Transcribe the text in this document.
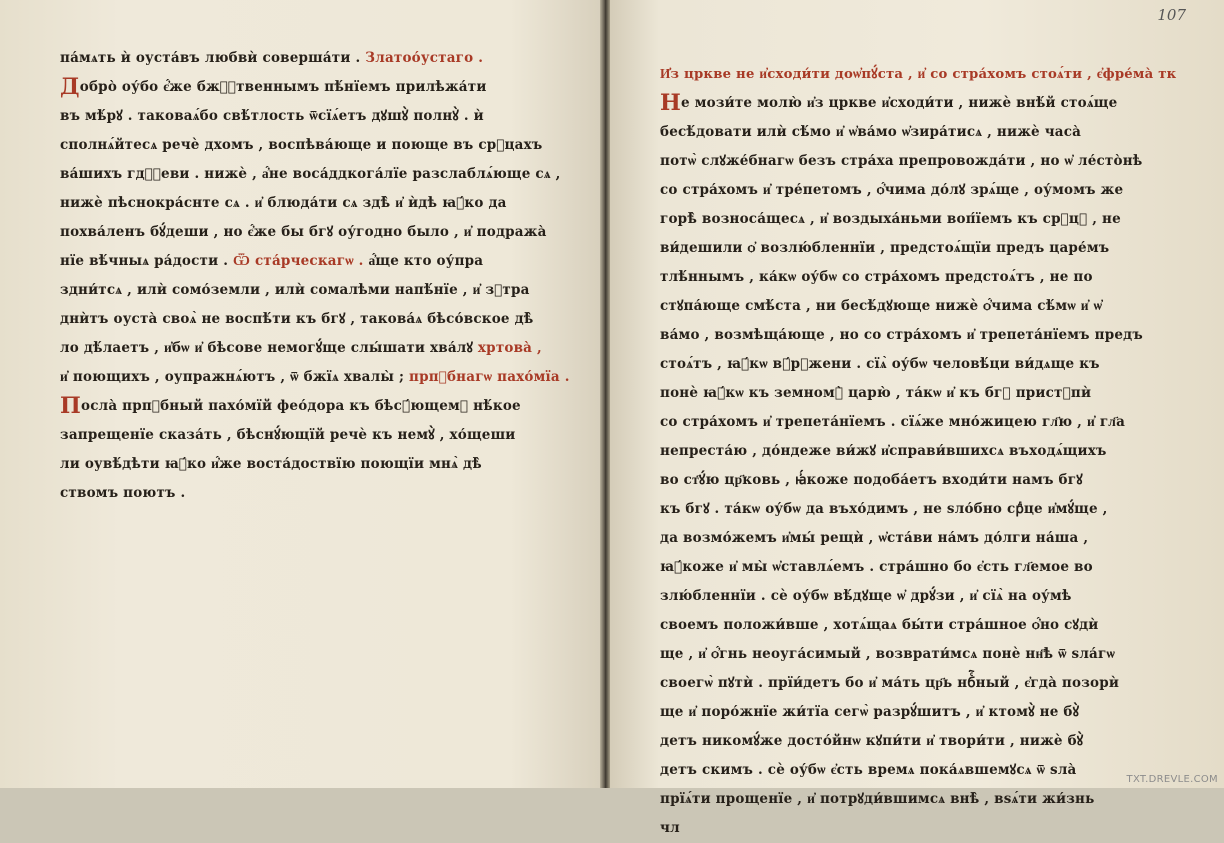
па́мѧть ѝ оуста́въ любвѝ соверша́ти . Златоо́устаго .
Добро̀ оу́бо є҆́же бжⷭ҇твеннымъ пѣ́нїемъ прилѣжа́ти
въ мѣ́рꙋ . таковаѧ́бо свѣ́тлость ѿсїѧ́етъ дꙋшꙋ̀ полнꙋ̀ . ѝ
сполнѧ́йтесѧ речѐ дхомъ , воспѣва́юще и поюще въ срⷣцахъ
ва́шихъ гдⷭ҇еви . нижѐ , а҆́не воса́ддкога́лїе разслаблѧ́юще сѧ ,
нижѐ пѣснокра́снте сѧ . и҆ блюда́ти сѧ здѣ̀ и҆ ѝдѣ ꙗ҆́ко да
похва́ленъ бꙋ́деши , но є҆́же бы бгꙋ оу́годно было , и҆ подража̀
нїе вѣ́чныѧ ра́дости . Ѿ ста́рческагѡ . а҆́ще кто оу́пра
здни́тсѧ , илѝ сомо́земли , илѝ сомалѣми напѣ́нїе , и҆ зⷶтра
днѝтъ оуста̀ своѧ̀ не воспѣ́ти къ бгꙋ , такова́ѧ бѣсо́вское дѣ̀
ло дѣ́лаетъ , и҆бѡ и҆ бѣсове немогꙋ́ще слы́шати хва́лꙋ хртова̀ ,
и҆ поющихъ , оупражнѧ́ютъ , ѿ бжїѧ хвалы̀ ; прпⷣбнагѡ пахо́мїа .
Посла̀ прпⷣбный пахо́мїй фео́дора къ бѣсꙋ́ющемꙋ нѣ́кое
запрещенїе сказа́ть , бѣснꙋ́ющїй речѐ къ немꙋ̀ , хо́щеши
ли оувѣ́дѣти ꙗ҆́ко и҆́же воста́доствїю поющїи мнѧ̀ дѣ̀
ствомъ поютъ .
И҆з цркве не и҆сходи́ти доѡ҆пꙋ́ста , и҆ со стра́хомъ стоѧ́ти , є҆фре́ма̀ тк
Не мози́те молю̀ и҆з цркве и҆сходи́ти , нижѐ внѣ́й стоѧ́ще
бесѣ́довати илѝ сѣ́мо и҆ ѡ҆ва́мо ѡ҆зира́тисѧ , нижѐ часа̀
потѡ̀ слꙋже́бнагѡ безъ стра́ха препровожда́ти , но ѡ҆ ле́сто̀нѣ
со стра́хомъ и҆ тре́петомъ , ѻ҆́чима до́лꙋ зрѧ́ще , оу́момъ же
горѣ̀ возноса́щесѧ , и҆ воздыха́ньми воп́їемъ къ срⷣцꙋ , не
ви́дешили ѻ҆ возлю́бленнїи , предстоѧ́щїи предъ царе́мъ
тлѣ́ннымъ , ка́кѡ оу́бѡ со стра́хомъ предстоѧ́тъ , не по
стꙋпа́юще смѣ́ста , ни бесѣ́дꙋюще нижѐ ѻ҆́чима сѣ́мѡ и҆ ѡ҆
ва́мо , возмѣща́юще , но со стра́хомъ и҆ трепета́нїемъ предъ
стоѧ́тъ , ꙗ҆́кѡ вꙋ́рꙋжени . сїѧ̀ оу́бѡ человѣ́ци ви́дѧще къ
понѐ ꙗ҆́кѡ къ земномꙋ̀ царю̀ , та́кѡ и҆ къ бгꙋ пристꙋпѝ
со стра́хомъ и҆ трепета́нїемъ . сїѧ́же мно́жицею гл҃ю , и҆ гл҃а
непреста́ю , до́ндеже ви́жꙋ и҆справи́вшихсѧ въходѧ́щихъ
во ст҃ꙋ́ю цр҃ковь , ꙗ҆́коже подоба́етъ входи́ти намъ бгꙋ
къ бгꙋ . та́кѡ оу́бѡ да въхо́димъ , не ѕло́бно срⷣце и҆мꙋ́ще ,
да возмо́жемъ и҆мы́ рещѝ , ѡ҆ста́ви на́мъ до́лги на́ша ,
ꙗ҆́коже и҆ мы̀ ѡ҆ставлѧ́емъ . стра́шно бо є҆сть гл҃емое во
злю́бленнїи . сѐ оу́бѡ вѣ́дꙋще ѡ҆ дрꙋ́зи , и҆ сїѧ̀ на оу́мѣ
своемъ положи́вше , хотѧ́щаѧ бы́ти стра́шное ѻ҆́но сꙋдѝ
ще , и҆ ѻ҆́гнь неоуга́симый , возврати́мсѧ понѐ нн҃ѣ ѿ ѕла́гѡ
своегѡ̀ пꙋтѝ . прїи́детъ бо и҆ ма́ть цр҃ь нбⷭ҇ный , є҆гда̀ позорѝ
ще и҆ поро́жнїе жи́тїа сегѡ̀ разрꙋ́шитъ , и҆ ктомꙋ̀ не бꙋ̀
детъ никомꙋ́же досто́йнѡ кꙋпи́ти и҆ твори́ти , нижѐ бꙋ̀
детъ скимъ . сѐ оу́бѡ є҆сть времѧ пока́ѧвшемꙋсѧ ѿ ѕла̀
прїѧ́ти прощенїе , и҆ потрꙋди́вшимсѧ внѣ̀ , вѕѧ́ти жи́знь
чл
107
TXT.DREVLE.COM
